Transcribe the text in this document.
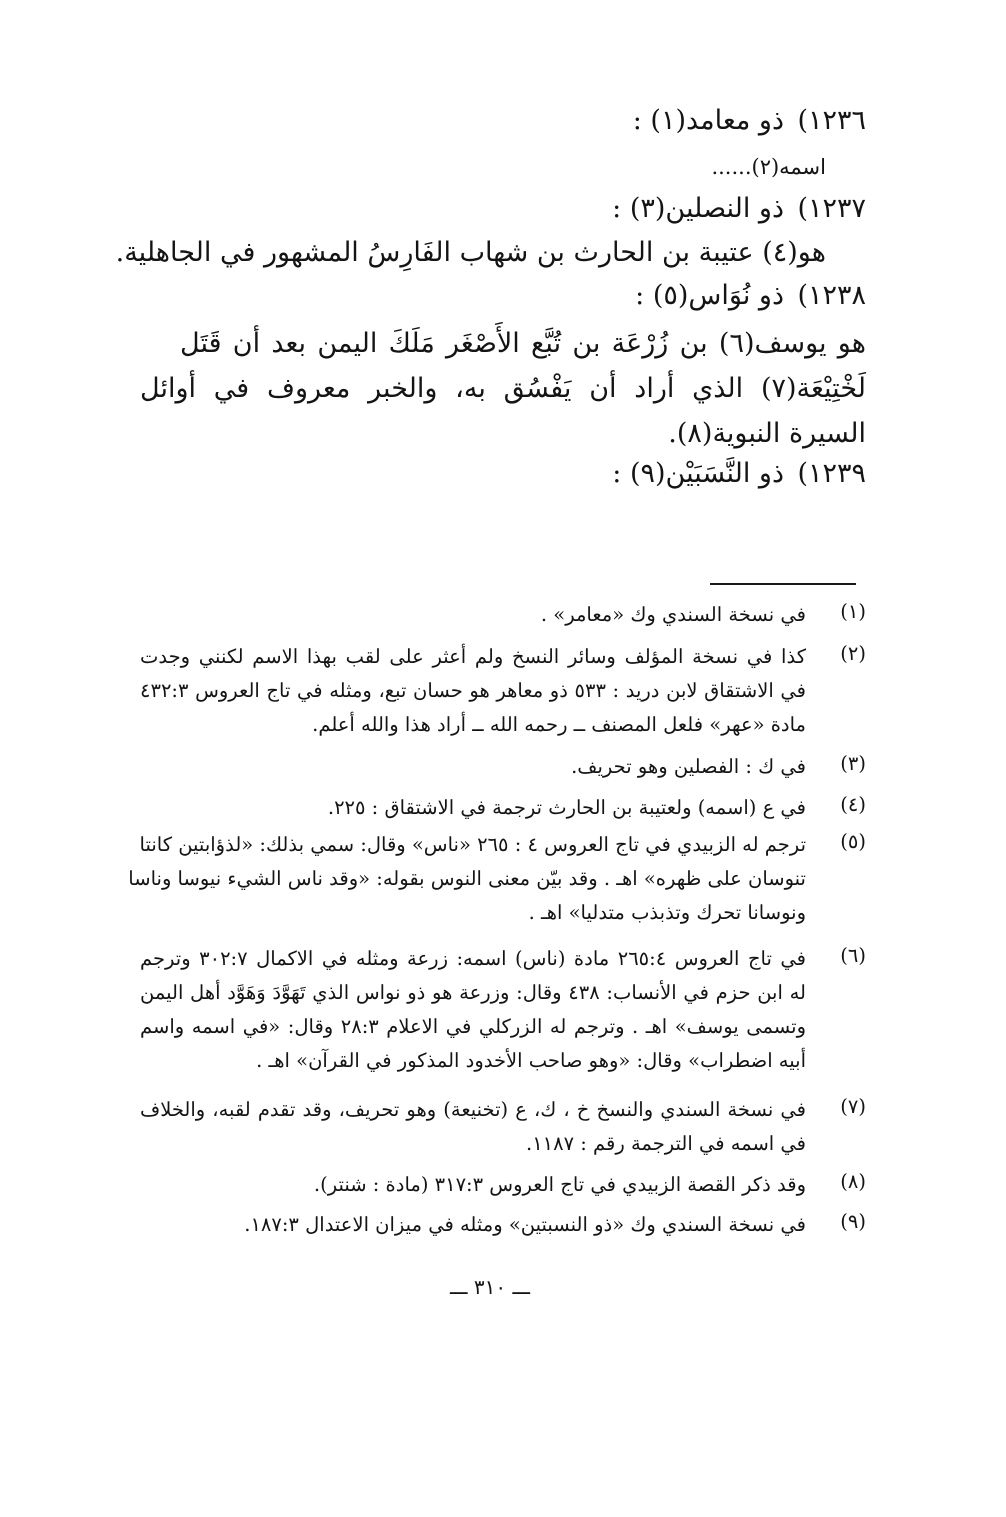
١٢٣٦)ذو معامد(١) :
اسمه(٢)......
١٢٣٧)ذو النصلين(٣) :
هو(٤) عتيبة بن الحارث بن شهاب الفَارِسُ المشهور في الجاهلية.
١٢٣٨)ذو نُوَاس(٥) :
هو يوسف(٦) بن زُرْعَة بن تُبَّع الأَصْغَر مَلَكَ اليمن بعد أن قَتَل
لَخْتِيْعَة(٧) الذي أراد أن يَفْسُق به، والخبر معروف في أوائل
السيرة النبوية(٨).
١٢٣٩)ذو النَّسَبَيْن(٩) :
(١)
في نسخة السندي وك «معامر» .
(٢)
كذا في نسخة المؤلف وسائر النسخ ولم أعثر على لقب بهذا الاسم لكنني وجدت
في الاشتقاق لابن دريد : ٥٣٣ ذو معاهر هو حسان تبع، ومثله في تاج العروس ٤٣٢:٣
مادة «عهر» فلعل المصنف ــ رحمه الله ــ أراد هذا والله أعلم.
(٣)
في ك : الفصلين وهو تحريف.
(٤)
في ع (اسمه) ولعتيبة بن الحارث ترجمة في الاشتقاق : ٢٢٥.
(٥)
ترجم له الزبيدي في تاج العروس ٤ : ٢٦٥ «ناس» وقال: سمي بذلك: «لذؤابتين كانتا
تنوسان على ظهره» اهـ . وقد بيّن معنى النوس بقوله: «وقد ناس الشيء نيوسا وناسا
ونوسانا تحرك وتذبذب متدليا» اهـ .
(٦)
في تاج العروس ٢٦٥:٤ مادة (ناس) اسمه: زرعة ومثله في الاكمال ٣٠٢:٧ وترجم
له ابن حزم في الأنساب: ٤٣٨ وقال: وزرعة هو ذو نواس الذي تَهَوَّدَ وَهَوَّد أهل اليمن
وتسمى يوسف» اهـ . وترجم له الزركلي في الاعلام ٢٨:٣ وقال: «في اسمه واسم
أبيه اضطراب» وقال: «وهو صاحب الأخدود المذكور في القرآن» اهـ .
(٧)
في نسخة السندي والنسخ خ ، ك، ع (تخنيعة) وهو تحريف، وقد تقدم لقبه، والخلاف
في اسمه في الترجمة رقم : ١١٨٧.
(٨)
وقد ذكر القصة الزبيدي في تاج العروس ٣١٧:٣ (مادة : شنتر).
(٩)
في نسخة السندي وك «ذو النسبتين» ومثله في ميزان الاعتدال ١٨٧:٣.
ـــ ٣١٠ ـــ
